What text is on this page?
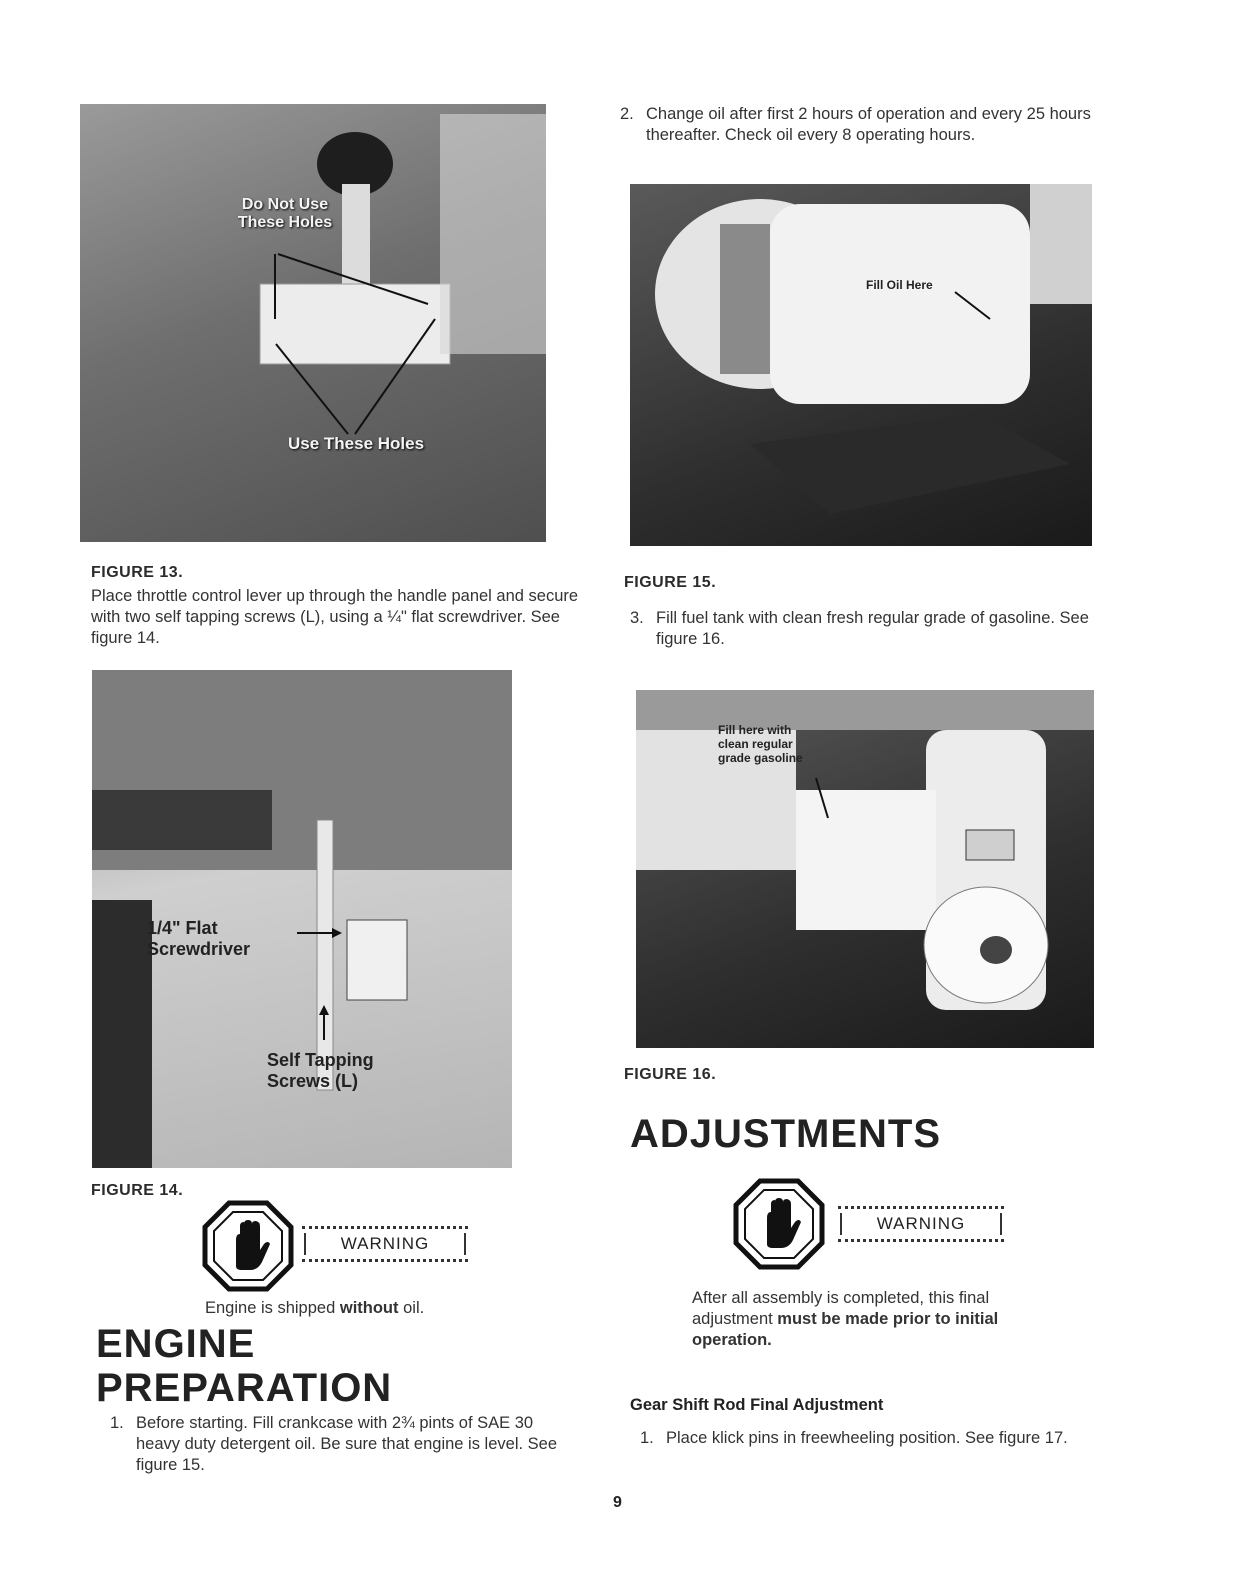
Do Not Use
These Holes
Use These Holes
FIGURE 13.
Place throttle control lever up through the handle panel and secure with two self tapping screws (L), using a ¼" flat screwdriver. See figure 14.
1/4" Flat
Screwdriver
Self Tapping
Screws (L)
FIGURE 14.
WARNING
Engine is shipped without oil.
ENGINE
PREPARATION
1. Before starting. Fill crankcase with 2¾ pints of SAE 30 heavy duty detergent oil. Be sure that engine is level. See figure 15.
2. Change oil after first 2 hours of operation and every 25 hours thereafter. Check oil every 8 operating hours.
Fill Oil Here
FIGURE 15.
3. Fill fuel tank with clean fresh regular grade of gasoline. See figure 16.
Fill here with
clean regular
grade gasoline
FIGURE 16.
ADJUSTMENTS
WARNING
After all assembly is completed, this final adjustment must be made prior to initial operation.
Gear Shift Rod Final Adjustment
1. Place klick pins in freewheeling position. See figure 17.
9
